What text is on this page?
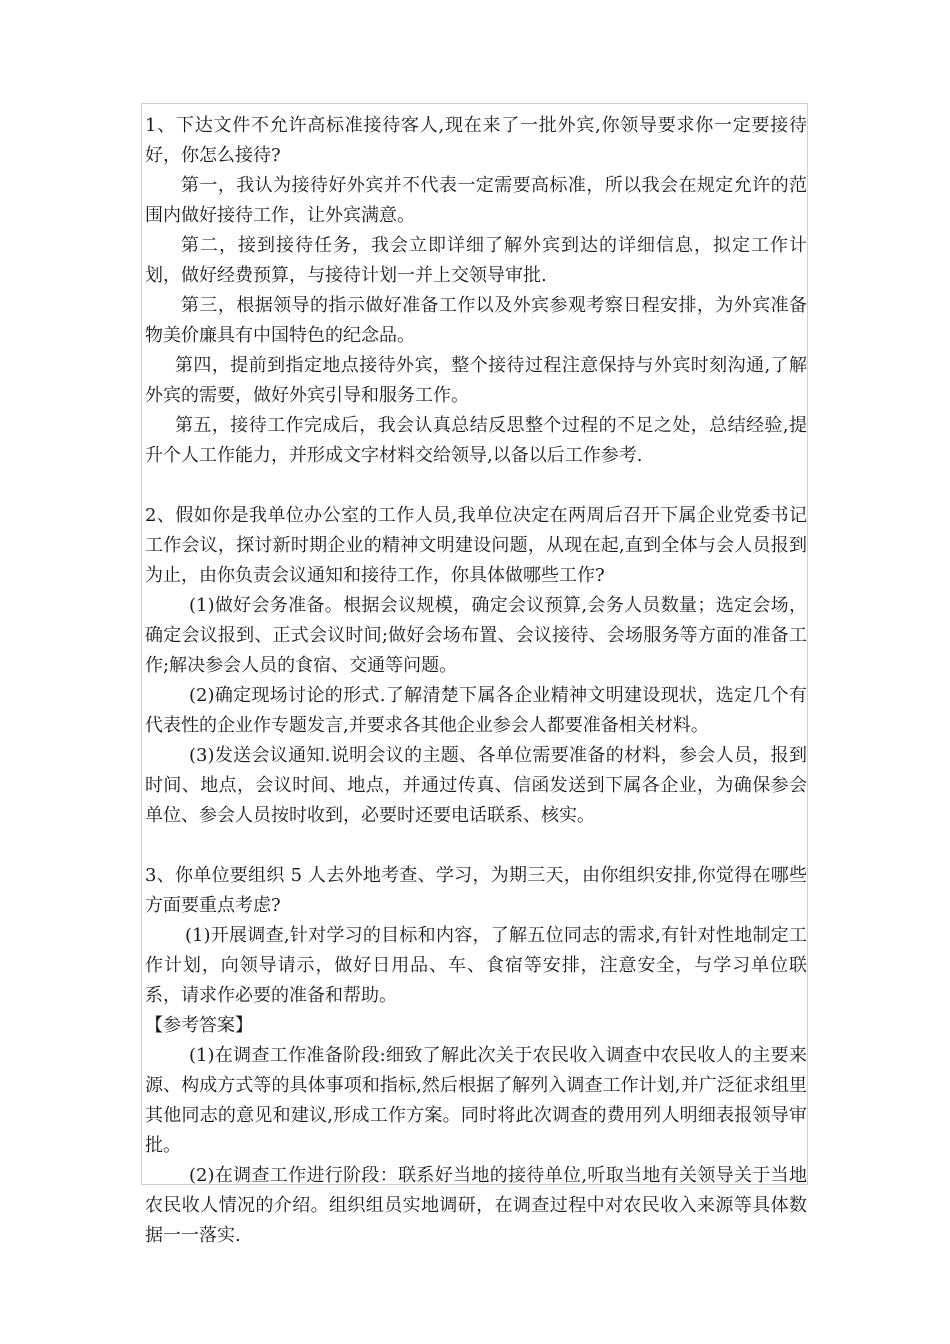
1、下达文件不允许高标准接待客人,现在来了一批外宾,你领导要求你一定要接待好，你怎么接待?

第一，我认为接待好外宾并不代表一定需要高标准，所以我会在规定允许的范围内做好接待工作，让外宾满意。

第二，接到接待任务，我会立即详细了解外宾到达的详细信息，拟定工作计划，做好经费预算，与接待计划一并上交领导审批.

第三，根据领导的指示做好准备工作以及外宾参观考察日程安排，为外宾准备物美价廉具有中国特色的纪念品。

第四，提前到指定地点接待外宾，整个接待过程注意保持与外宾时刻沟通,了解外宾的需要，做好外宾引导和服务工作。

第五，接待工作完成后，我会认真总结反思整个过程的不足之处，总结经验,提升个人工作能力，并形成文字材料交给领导,以备以后工作参考.

2、假如你是我单位办公室的工作人员,我单位决定在两周后召开下属企业党委书记工作会议，探讨新时期企业的精神文明建设问题，从现在起,直到全体与会人员报到为止，由你负责会议通知和接待工作，你具体做哪些工作?

(1)做好会务准备。根据会议规模，确定会议预算,会务人员数量；选定会场，确定会议报到、正式会议时间;做好会场布置、会议接待、会场服务等方面的准备工作;解决参会人员的食宿、交通等问题。

(2)确定现场讨论的形式.了解清楚下属各企业精神文明建设现状，选定几个有代表性的企业作专题发言,并要求各其他企业参会人都要准备相关材料。

(3)发送会议通知.说明会议的主题、各单位需要准备的材料，参会人员，报到时间、地点，会议时间、地点，并通过传真、信函发送到下属各企业，为确保参会单位、参会人员按时收到，必要时还要电话联系、核实。

3、你单位要组织 5 人去外地考查、学习，为期三天，由你组织安排,你觉得在哪些方面要重点考虑?

(1)开展调查,针对学习的目标和内容，了解五位同志的需求,有针对性地制定工作计划，向领导请示，做好日用品、车、食宿等安排，注意安全，与学习单位联系，请求作必要的准备和帮助。

【参考答案】

(1)在调查工作准备阶段:细致了解此次关于农民收入调查中农民收人的主要来源、构成方式等的具体事项和指标,然后根据了解列入调查工作计划,并广泛征求组里其他同志的意见和建议,形成工作方案。同时将此次调查的费用列人明细表报领导审批。

(2)在调查工作进行阶段：联系好当地的接待单位,听取当地有关领导关于当地农民收人情况的介绍。组织组员实地调研，在调查过程中对农民收入来源等具体数据一一落实.
